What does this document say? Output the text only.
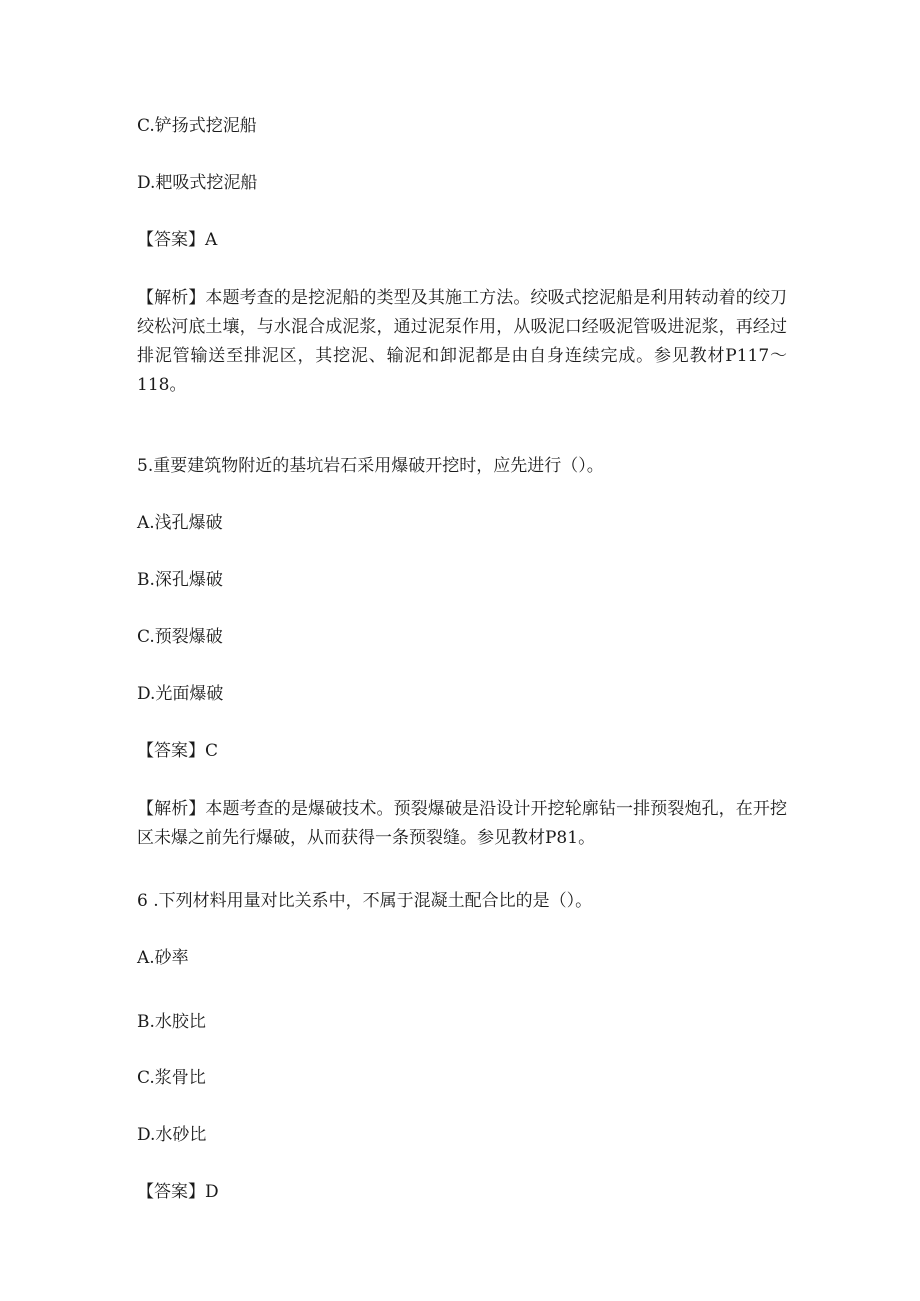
C.铲扬式挖泥船
D.耙吸式挖泥船
【答案】A
【解析】本题考查的是挖泥船的类型及其施工方法。绞吸式挖泥船是利用转动着的绞刀绞松河底土壤，与水混合成泥浆，通过泥泵作用，从吸泥口经吸泥管吸进泥浆，再经过排泥管输送至排泥区，其挖泥、输泥和卸泥都是由自身连续完成。参见教材P117～118。
5.重要建筑物附近的基坑岩石采用爆破开挖时，应先进行（）。
A.浅孔爆破
B.深孔爆破
C.预裂爆破
D.光面爆破
【答案】C
【解析】本题考查的是爆破技术。预裂爆破是沿设计开挖轮廓钻一排预裂炮孔，在开挖区未爆之前先行爆破，从而获得一条预裂缝。参见教材P81。
6 .下列材料用量对比关系中，不属于混凝土配合比的是（）。
A.砂率
B.水胶比
C.浆骨比
D.水砂比
【答案】D
